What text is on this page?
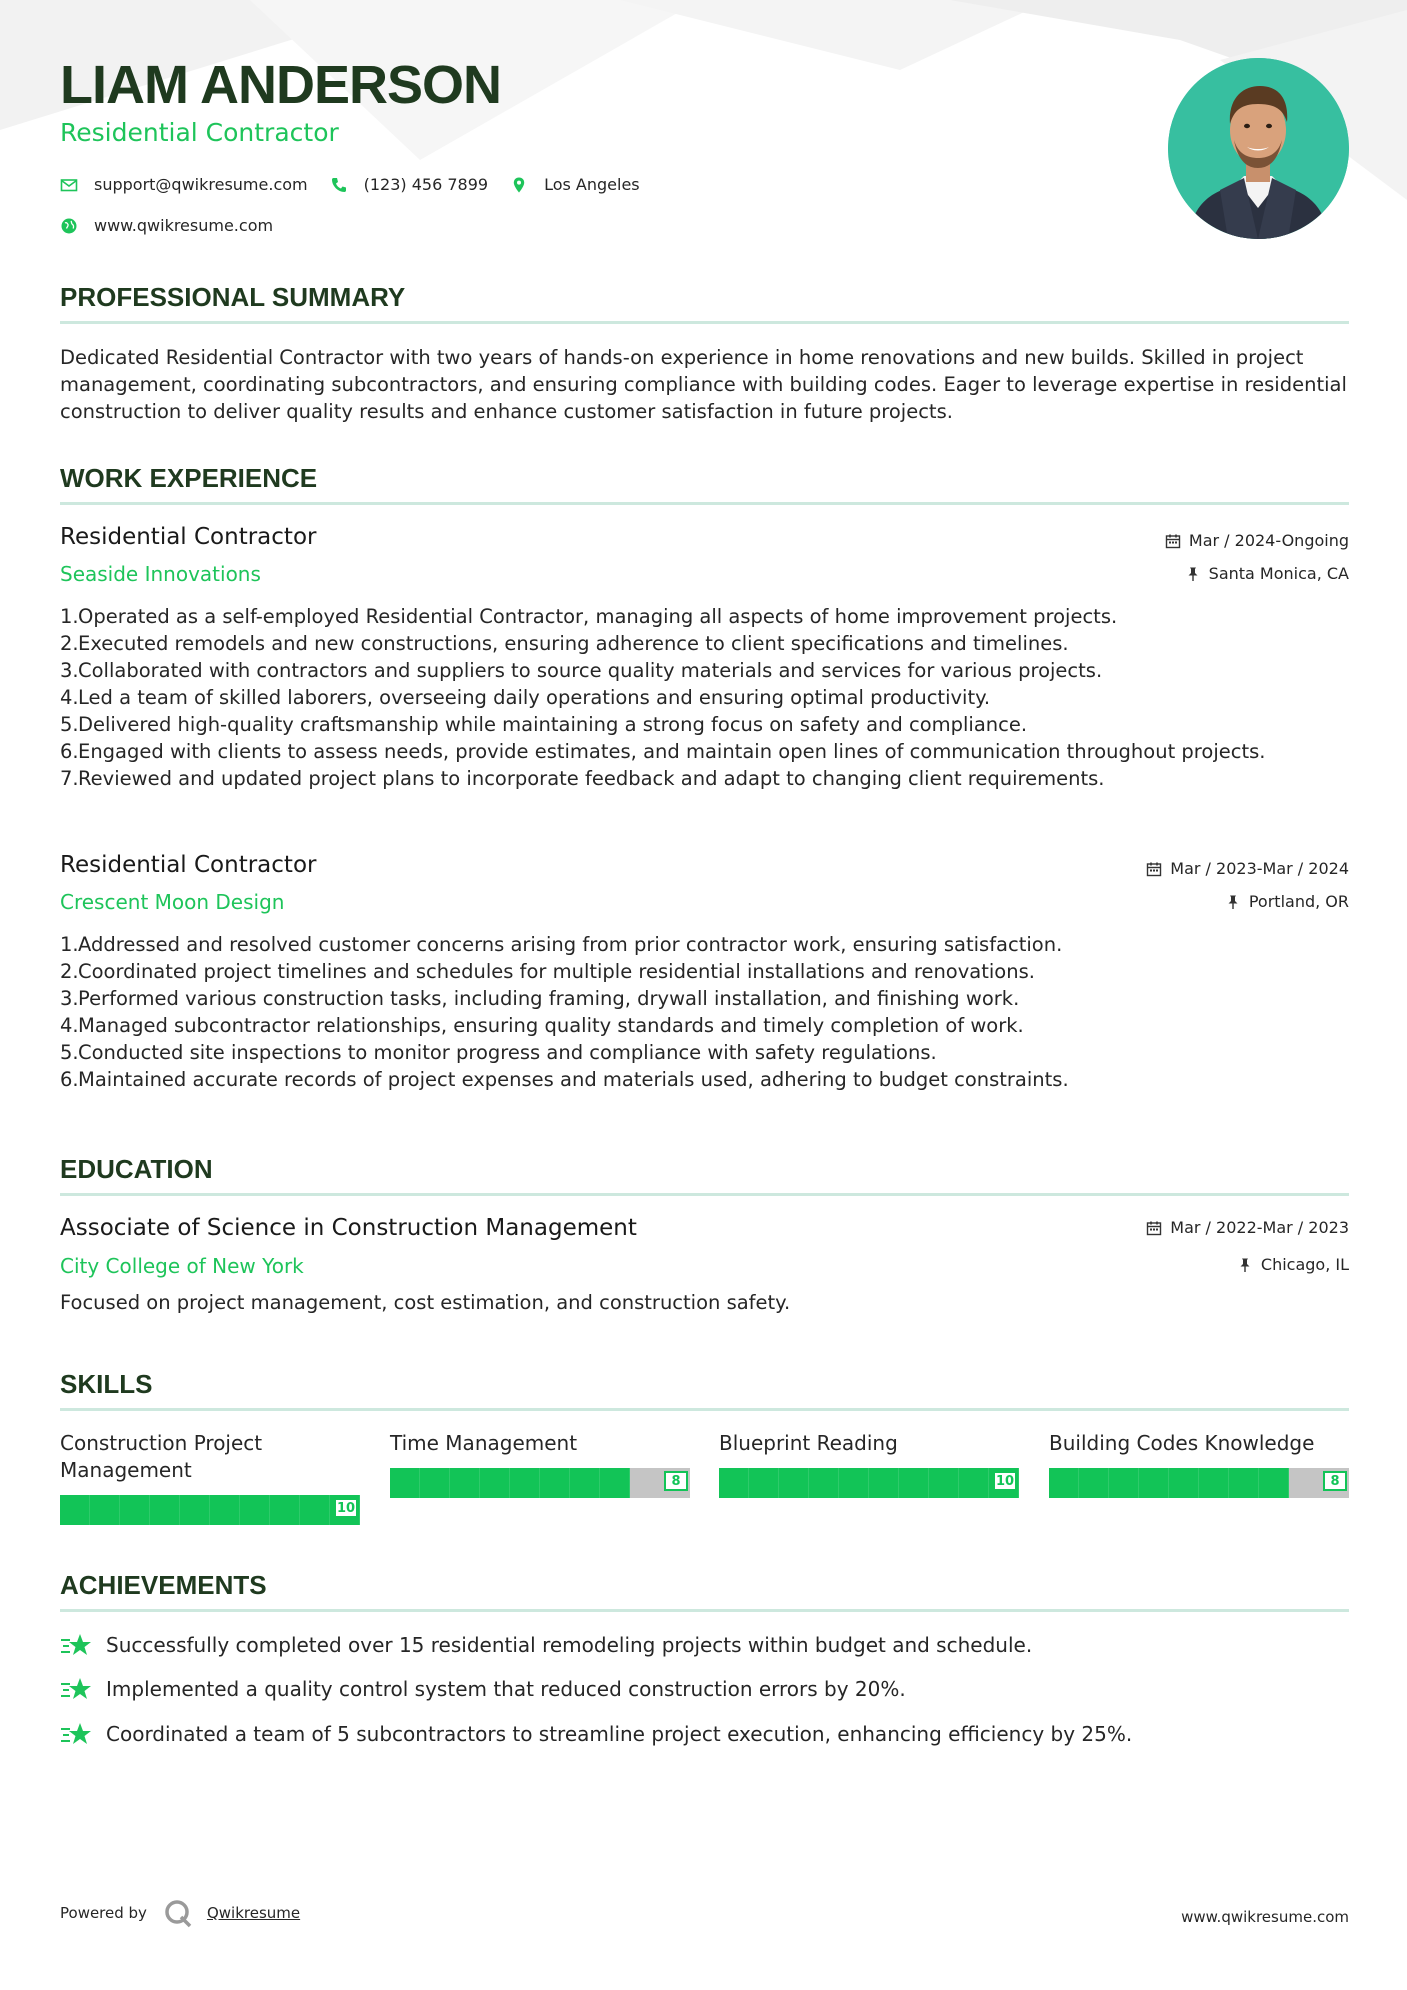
LIAM ANDERSON
Residential Contractor
support@qwikresume.com	(123) 456 7899	Los Angeles
www.qwikresume.com
PROFESSIONAL SUMMARY
Dedicated Residential Contractor with two years of hands-on experience in home renovations and new builds. Skilled in project management, coordinating subcontractors, and ensuring compliance with building codes. Eager to leverage expertise in residential construction to deliver quality results and enhance customer satisfaction in future projects.
WORK EXPERIENCE
Residential Contractor
Seaside Innovations
Mar / 2024-Ongoing
Santa Monica, CA
1. Operated as a self-employed Residential Contractor, managing all aspects of home improvement projects.
2. Executed remodels and new constructions, ensuring adherence to client specifications and timelines.
3. Collaborated with contractors and suppliers to source quality materials and services for various projects.
4. Led a team of skilled laborers, overseeing daily operations and ensuring optimal productivity.
5. Delivered high-quality craftsmanship while maintaining a strong focus on safety and compliance.
6. Engaged with clients to assess needs, provide estimates, and maintain open lines of communication throughout projects.
7. Reviewed and updated project plans to incorporate feedback and adapt to changing client requirements.
Residential Contractor
Crescent Moon Design
Mar / 2023-Mar / 2024
Portland, OR
1. Addressed and resolved customer concerns arising from prior contractor work, ensuring satisfaction.
2. Coordinated project timelines and schedules for multiple residential installations and renovations.
3. Performed various construction tasks, including framing, drywall installation, and finishing work.
4. Managed subcontractor relationships, ensuring quality standards and timely completion of work.
5. Conducted site inspections to monitor progress and compliance with safety regulations.
6. Maintained accurate records of project expenses and materials used, adhering to budget constraints.
EDUCATION
Associate of Science in Construction Management
City College of New York
Mar / 2022-Mar / 2023
Chicago, IL
Focused on project management, cost estimation, and construction safety.
SKILLS
Construction Project Management
10
Time Management
8
Blueprint Reading
10
Building Codes Knowledge
8
ACHIEVEMENTS
Successfully completed over 15 residential remodeling projects within budget and schedule.
Implemented a quality control system that reduced construction errors by 20%.
Coordinated a team of 5 subcontractors to streamline project execution, enhancing efficiency by 25%.
Powered by	Qwikresume	www.qwikresume.com
